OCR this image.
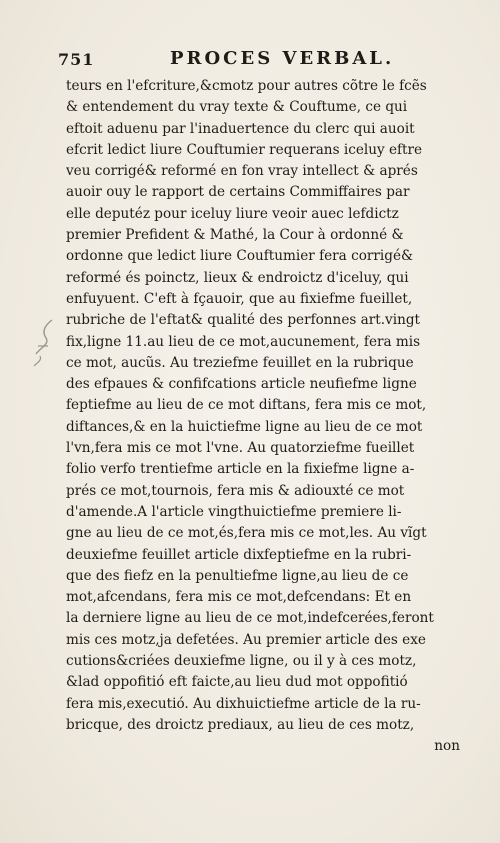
751	PROCES VERBAL.
teurs en l'efcriture,&cmotz pour autres cõtre le fcẽs
& entendement du vray texte & Couftume, ce qui
eftoit aduenu par l'inaduertence du clerc qui auoit
efcrit ledict liure Couftumier requerans iceluy eftre
veu corrigé& reformé en fon vray intellect & aprés
auoir ouy le rapport de certains Commiffaires par
elle deputéz pour iceluy liure veoir auec lefdictz
premier Prefident & Mathé, la Cour à ordonné &
ordonne que ledict liure Couftumier fera corrigé&
reformé és poinctz, lieux & endroictz d'iceluy, qui
enfuyuent. C'eft à fçauoir, que au fixiefme fueillet,
rubriche de l'eftat& qualité des perfonnes art.vingt
fix,ligne 11.au lieu de ce mot,aucunement, fera mis
ce mot, aucũs. Au treziefme feuillet en la rubrique
des efpaues & confifcations article neufiefme ligne
feptiefme au lieu de ce mot diftans, fera mis ce mot,
diftances,& en la huictiefme ligne au lieu de ce mot
l'vn,fera mis ce mot l'vne. Au quatorziefme fueillet
folio verfo trentiefme article en la fixiefme ligne a-
prés ce mot,tournois, fera mis & adiouxté ce mot
d'amende.A l'article vingthuictiefme premiere li-
gne au lieu de ce mot,és,fera mis ce mot,les. Au vĩgt
deuxiefme feuillet article dixfeptiefme en la rubri-
que des fiefz en la penultiefme ligne,au lieu de ce
mot,afcendans, fera mis ce mot,defcendans: Et en
la derniere ligne au lieu de ce mot,indefcerées,feront
mis ces motz,ja defetées. Au premier article des exe
cutions&criées deuxiefme ligne, ou il y à ces motz,
&lad oppofitió eft faicte,au lieu dud mot oppofitió
fera mis,executió. Au dixhuictiefme article de la ru-
bricque, des droictz prediaux, au lieu de ces motz,
non
